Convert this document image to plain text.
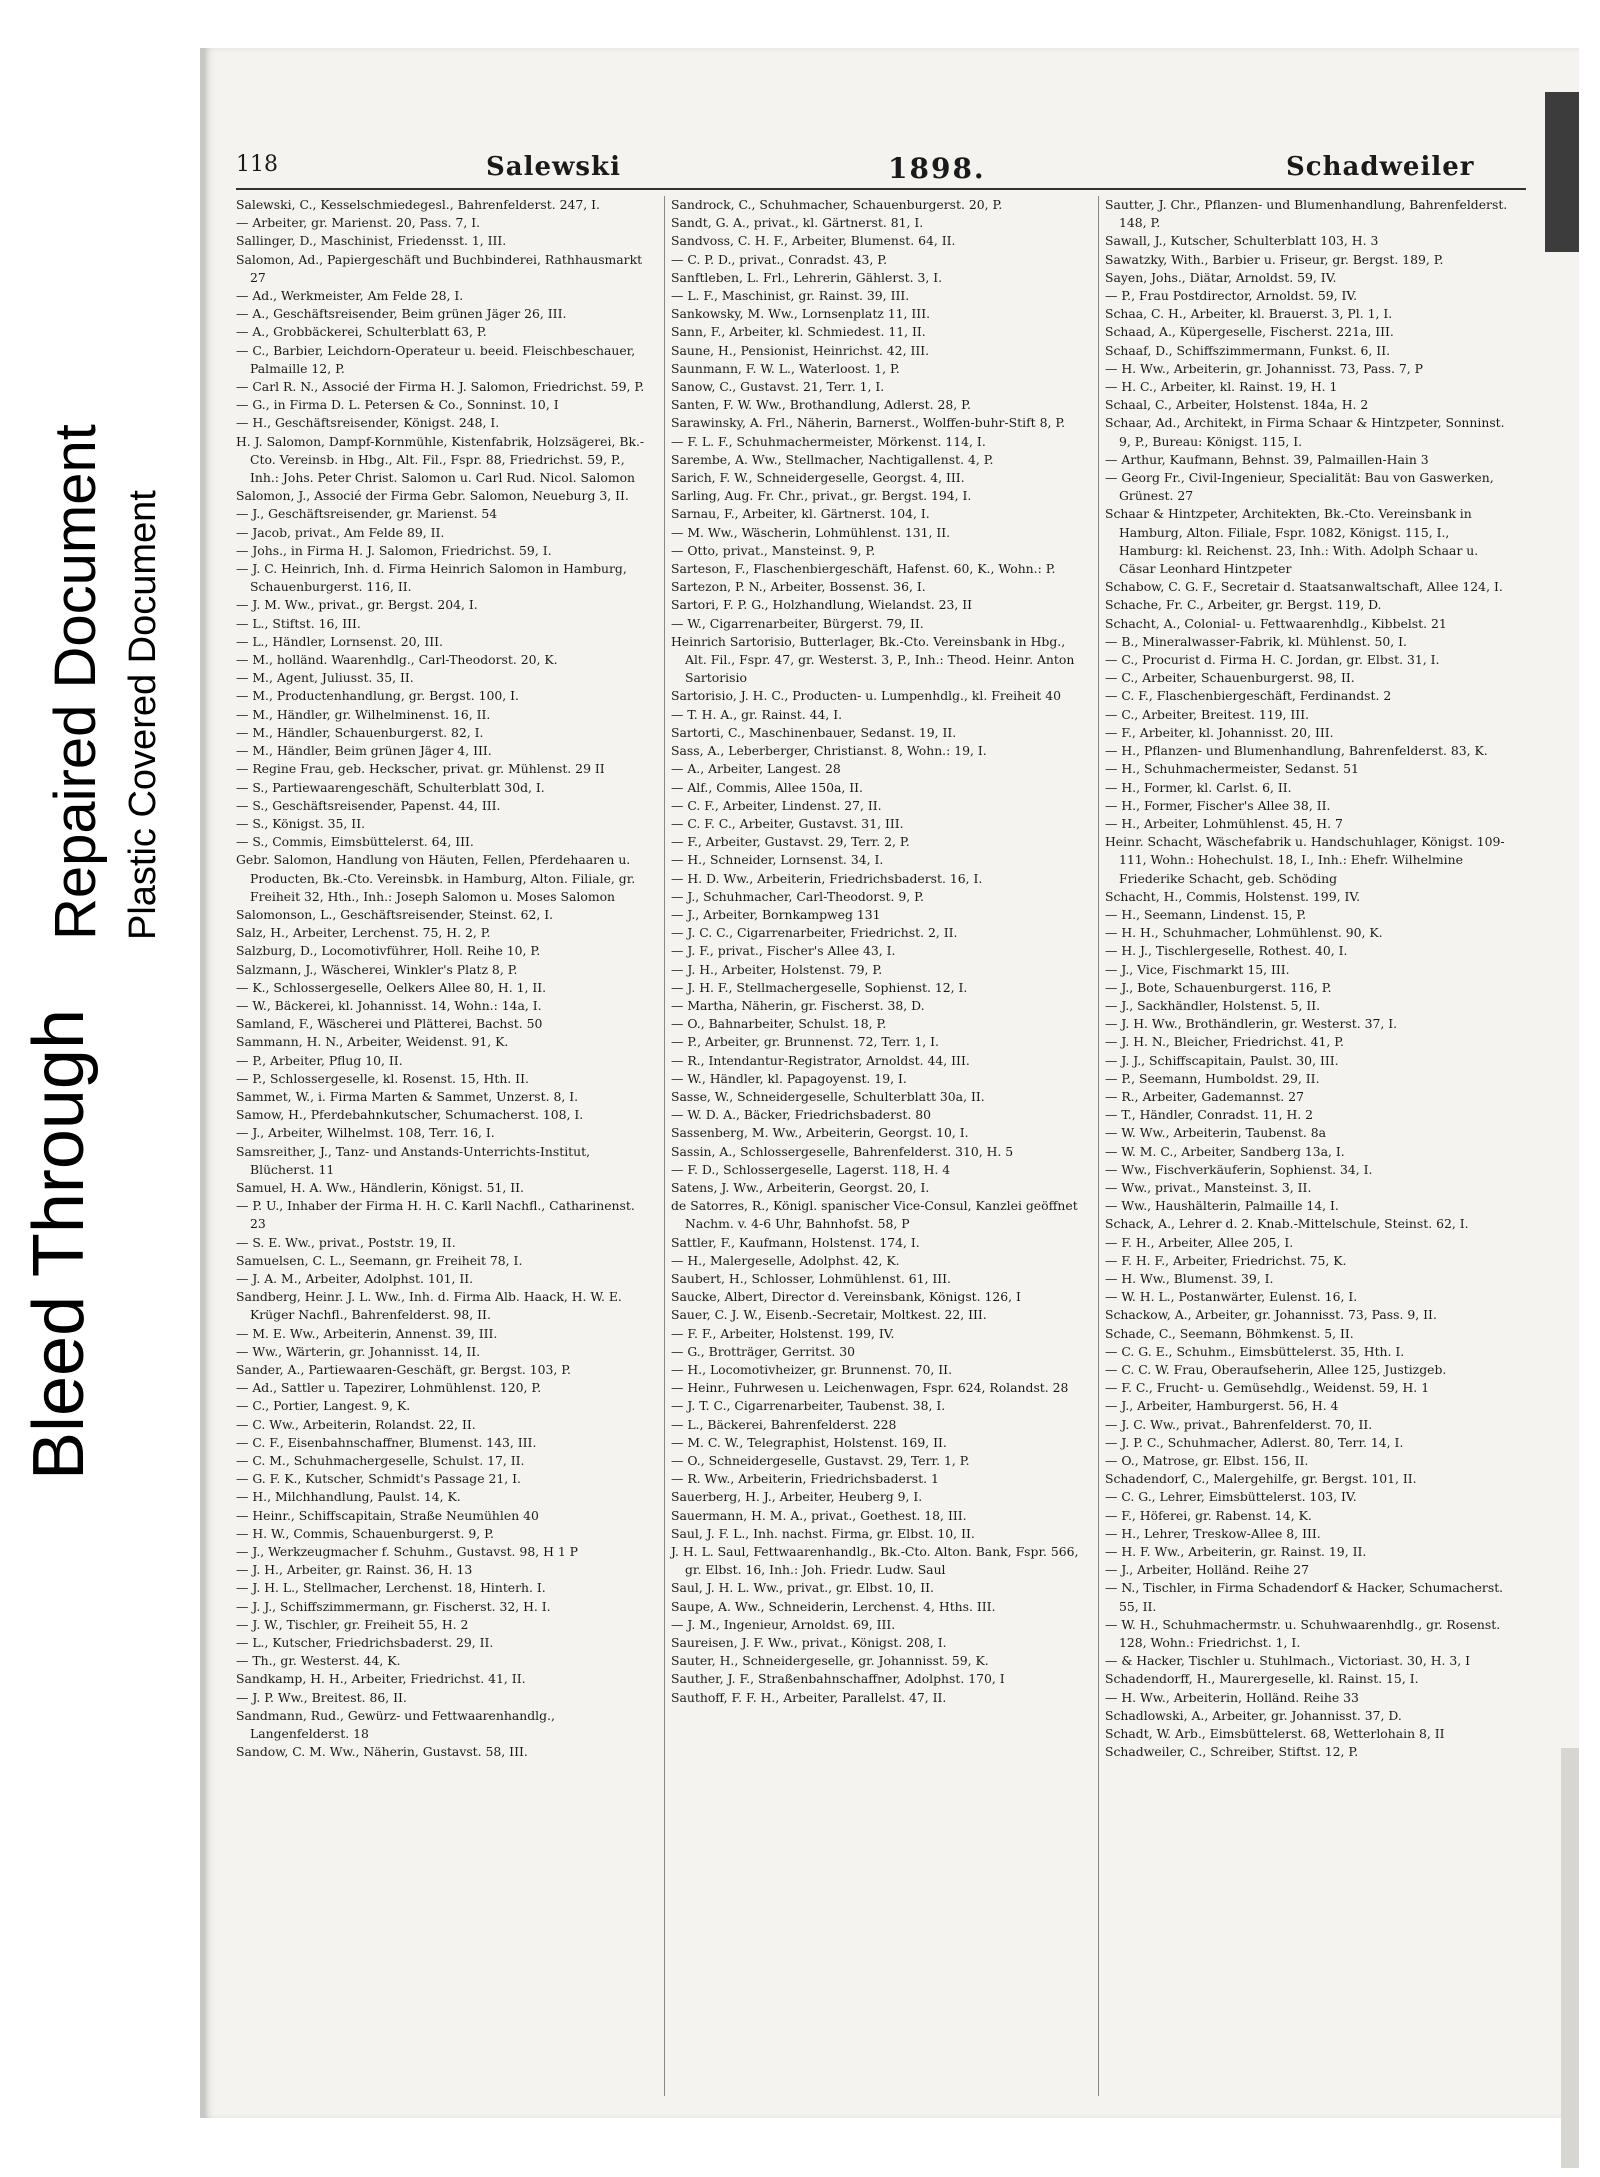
Bleed Through
Repaired Document Plastic Covered Document
118	Salewski	1898.	Schadweiler

Salewski, C., Kesselschmiedegesl., Bahrenfelderst. 247, I.

— Arbeiter, gr. Marienst. 20, Pass. 7, I.

Sallinger, D., Maschinist, Friedensst. 1, III.

Salomon, Ad., Papiergeschäft und Buchbinderei, Rathhausmarkt 27

— Ad., Werkmeister, Am Felde 28, I.

— A., Geschäftsreisender, Beim grünen Jäger 26, III.

— A., Grobbäckerei, Schulterblatt 63, P.

— C., Barbier, Leichdorn-Operateur u. beeid. Fleischbeschauer, Palmaille 12, P.

— Carl R. N., Associé der Firma H. J. Salomon, Friedrichst. 59, P.

— G., in Firma D. L. Petersen & Co., Sonninst. 10, I

— H., Geschäftsreisender, Königst. 248, I.

H. J. Salomon, Dampf-Kornmühle, Kistenfabrik, Holzsägerei, Bk.-Cto. Vereinsb. in Hbg., Alt. Fil., Fspr. 88, Friedrichst. 59, P., Inh.: Johs. Peter Christ. Salomon u. Carl Rud. Nicol. Salomon

Salomon, J., Associé der Firma Gebr. Salomon, Neueburg 3, II.

— J., Geschäftsreisender, gr. Marienst. 54

— Jacob, privat., Am Felde 89, II.

— Johs., in Firma H. J. Salomon, Friedrichst. 59, I.

— J. C. Heinrich, Inh. d. Firma Heinrich Salomon in Hamburg, Schauenburgerst. 116, II.

— J. M. Ww., privat., gr. Bergst. 204, I.

— L., Stiftst. 16, III.

— L., Händler, Lornsenst. 20, III.

— M., holländ. Waarenhdlg., Carl-Theodorst. 20, K.

— M., Agent, Juliusst. 35, II.

— M., Productenhandlung, gr. Bergst. 100, I.

— M., Händler, gr. Wilhelminenst. 16, II.

— M., Händler, Schauenburgerst. 82, I.

— M., Händler, Beim grünen Jäger 4, III.

— Regine Frau, geb. Heckscher, privat. gr. Mühlenst. 29 II

— S., Partiewaarengeschäft, Schulterblatt 30d, I.

— S., Geschäftsreisender, Papenst. 44, III.

— S., Königst. 35, II.

— S., Commis, Eimsbüttelerst. 64, III.

Gebr. Salomon, Handlung von Häuten, Fellen, Pferdehaaren u. Producten, Bk.-Cto. Vereinsbk. in Hamburg, Alton. Filiale, gr. Freiheit 32, Hth., Inh.: Joseph Salomon u. Moses Salomon

Salomonson, L., Geschäftsreisender, Steinst. 62, I.

Salz, H., Arbeiter, Lerchenst. 75, H. 2, P.

Salzburg, D., Locomotivführer, Holl. Reihe 10, P.

Salzmann, J., Wäscherei, Winkler's Platz 8, P.

— K., Schlossergeselle, Oelkers Allee 80, H. 1, II.

— W., Bäckerei, kl. Johannisst. 14, Wohn.: 14a, I.

Samland, F., Wäscherei und Plätterei, Bachst. 50

Sammann, H. N., Arbeiter, Weidenst. 91, K.

— P., Arbeiter, Pflug 10, II.

— P., Schlossergeselle, kl. Rosenst. 15, Hth. II.

Sammet, W., i. Firma Marten & Sammet, Unzerst. 8, I.

Samow, H., Pferdebahnkutscher, Schumacherst. 108, I.

— J., Arbeiter, Wilhelmst. 108, Terr. 16, I.

Samsreither, J., Tanz- und Anstands-Unterrichts-Institut, Blücherst. 11

Samuel, H. A. Ww., Händlerin, Königst. 51, II.

— P. U., Inhaber der Firma H. H. C. Karll Nachfl., Catharinenst. 23

— S. E. Ww., privat., Poststr. 19, II.

Samuelsen, C. L., Seemann, gr. Freiheit 78, I.

— J. A. M., Arbeiter, Adolphst. 101, II.

Sandberg, Heinr. J. L. Ww., Inh. d. Firma Alb. Haack, H. W. E. Krüger Nachfl., Bahrenfelderst. 98, II.

— M. E. Ww., Arbeiterin, Annenst. 39, III.

— Ww., Wärterin, gr. Johannisst. 14, II.

Sander, A., Partiewaaren-Geschäft, gr. Bergst. 103, P.

— Ad., Sattler u. Tapezirer, Lohmühlenst. 120, P.

— C., Portier, Langest. 9, K.

— C. Ww., Arbeiterin, Rolandst. 22, II.

— C. F., Eisenbahnschaffner, Blumenst. 143, III.

— C. M., Schuhmachergeselle, Schulst. 17, II.

— G. F. K., Kutscher, Schmidt's Passage 21, I.

— H., Milchhandlung, Paulst. 14, K.

— Heinr., Schiffscapitain, Straße Neumühlen 40

— H. W., Commis, Schauenburgerst. 9, P.

— J., Werkzeugmacher f. Schuhm., Gustavst. 98, H 1 P

— J. H., Arbeiter, gr. Rainst. 36, H. 13

— J. H. L., Stellmacher, Lerchenst. 18, Hinterh. I.

— J. J., Schiffszimmermann, gr. Fischerst. 32, H. I.

— J. W., Tischler, gr. Freiheit 55, H. 2

— L., Kutscher, Friedrichsbaderst. 29, II.

— Th., gr. Westerst. 44, K.

Sandkamp, H. H., Arbeiter, Friedrichst. 41, II.

— J. P. Ww., Breitest. 86, II.

Sandmann, Rud., Gewürz- und Fettwaarenhandlg., Langenfelderst. 18

Sandow, C. M. Ww., Näherin, Gustavst. 58, III.

Sandrock, C., Schuhmacher, Schauenburgerst. 20, P.

Sandt, G. A., privat., kl. Gärtnerst. 81, I.

Sandvoss, C. H. F., Arbeiter, Blumenst. 64, II.

— C. P. D., privat., Conradst. 43, P.

Sanftleben, L. Frl., Lehrerin, Gählerst. 3, I.

— L. F., Maschinist, gr. Rainst. 39, III.

Sankowsky, M. Ww., Lornsenplatz 11, III.

Sann, F., Arbeiter, kl. Schmiedest. 11, II.

Saune, H., Pensionist, Heinrichst. 42, III.

Saunmann, F. W. L., Waterloost. 1, P.

Sanow, C., Gustavst. 21, Terr. 1, I.

Santen, F. W. Ww., Brothandlung, Adlerst. 28, P.

Sarawinsky, A. Frl., Näherin, Barnerst., Wolffen-buhr-Stift 8, P.

— F. L. F., Schuhmachermeister, Mörkenst. 114, I.

Sarembe, A. Ww., Stellmacher, Nachtigallenst. 4, P.

Sarich, F. W., Schneidergeselle, Georgst. 4, III.

Sarling, Aug. Fr. Chr., privat., gr. Bergst. 194, I.

Sarnau, F., Arbeiter, kl. Gärtnerst. 104, I.

— M. Ww., Wäscherin, Lohmühlenst. 131, II.

— Otto, privat., Mansteinst. 9, P.

Sarteson, F., Flaschenbiergeschäft, Hafenst. 60, K., Wohn.: P.

Sartezon, P. N., Arbeiter, Bossenst. 36, I.

Sartori, F. P. G., Holzhandlung, Wielandst. 23, II

— W., Cigarrenarbeiter, Bürgerst. 79, II.

Heinrich Sartorisio, Butterlager, Bk.-Cto. Vereinsbank in Hbg., Alt. Fil., Fspr. 47, gr. Westerst. 3, P., Inh.: Theod. Heinr. Anton Sartorisio

Sartorisio, J. H. C., Producten- u. Lumpenhdlg., kl. Freiheit 40

— T. H. A., gr. Rainst. 44, I.

Sartorti, C., Maschinenbauer, Sedanst. 19, II.

Sass, A., Leberberger, Christianst. 8, Wohn.: 19, I.

— A., Arbeiter, Langest. 28

— Alf., Commis, Allee 150a, II.

— C. F., Arbeiter, Lindenst. 27, II.

— C. F. C., Arbeiter, Gustavst. 31, III.

— F., Arbeiter, Gustavst. 29, Terr. 2, P.

— H., Schneider, Lornsenst. 34, I.

— H. D. Ww., Arbeiterin, Friedrichsbaderst. 16, I.

— J., Schuhmacher, Carl-Theodorst. 9, P.

— J., Arbeiter, Bornkampweg 131

— J. C. C., Cigarrenarbeiter, Friedrichst. 2, II.

— J. F., privat., Fischer's Allee 43, I.

— J. H., Arbeiter, Holstenst. 79, P.

— J. H. F., Stellmachergeselle, Sophienst. 12, I.

— Martha, Näherin, gr. Fischerst. 38, D.

— O., Bahnarbeiter, Schulst. 18, P.

— P., Arbeiter, gr. Brunnenst. 72, Terr. 1, I.

— R., Intendantur-Registrator, Arnoldst. 44, III.

— W., Händler, kl. Papagoyenst. 19, I.

Sasse, W., Schneidergeselle, Schulterblatt 30a, II.

— W. D. A., Bäcker, Friedrichsbaderst. 80

Sassenberg, M. Ww., Arbeiterin, Georgst. 10, I.

Sassin, A., Schlossergeselle, Bahrenfelderst. 310, H. 5

— F. D., Schlossergeselle, Lagerst. 118, H. 4

Satens, J. Ww., Arbeiterin, Georgst. 20, I.

de Satorres, R., Königl. spanischer Vice-Consul, Kanzlei geöffnet Nachm. v. 4-6 Uhr, Bahnhofst. 58, P

Sattler, F., Kaufmann, Holstenst. 174, I.

— H., Malergeselle, Adolphst. 42, K.

Saubert, H., Schlosser, Lohmühlenst. 61, III.

Saucke, Albert, Director d. Vereinsbank, Königst. 126, I

Sauer, C. J. W., Eisenb.-Secretair, Moltkest. 22, III.

— F. F., Arbeiter, Holstenst. 199, IV.

— G., Brotträger, Gerritst. 30

— H., Locomotivheizer, gr. Brunnenst. 70, II.

— Heinr., Fuhrwesen u. Leichenwagen, Fspr. 624, Rolandst. 28

— J. T. C., Cigarrenarbeiter, Taubenst. 38, I.

— L., Bäckerei, Bahrenfelderst. 228

— M. C. W., Telegraphist, Holstenst. 169, II.

— O., Schneidergeselle, Gustavst. 29, Terr. 1, P.

— R. Ww., Arbeiterin, Friedrichsbaderst. 1

Sauerberg, H. J., Arbeiter, Heuberg 9, I.

Sauermann, H. M. A., privat., Goethest. 18, III.

Saul, J. F. L., Inh. nachst. Firma, gr. Elbst. 10, II.

J. H. L. Saul, Fettwaarenhandlg., Bk.-Cto. Alton. Bank, Fspr. 566, gr. Elbst. 16, Inh.: Joh. Friedr. Ludw. Saul

Saul, J. H. L. Ww., privat., gr. Elbst. 10, II.

Saupe, A. Ww., Schneiderin, Lerchenst. 4, Hths. III.

— J. M., Ingenieur, Arnoldst. 69, III.

Saureisen, J. F. Ww., privat., Königst. 208, I.

Sauter, H., Schneidergeselle, gr. Johannisst. 59, K.

Sauther, J. F., Straßenbahnschaffner, Adolphst. 170, I

Sauthoff, F. F. H., Arbeiter, Parallelst. 47, II.

Sautter, J. Chr., Pflanzen- und Blumenhandlung, Bahrenfelderst. 148, P.

Sawall, J., Kutscher, Schulterblatt 103, H. 3

Sawatzky, With., Barbier u. Friseur, gr. Bergst. 189, P.

Sayen, Johs., Diätar, Arnoldst. 59, IV.

— P., Frau Postdirector, Arnoldst. 59, IV.

Schaa, C. H., Arbeiter, kl. Brauerst. 3, Pl. 1, I.

Schaad, A., Küpergeselle, Fischerst. 221a, III.

Schaaf, D., Schiffszimmermann, Funkst. 6, II.

— H. Ww., Arbeiterin, gr. Johannisst. 73, Pass. 7, P

— H. C., Arbeiter, kl. Rainst. 19, H. 1

Schaal, C., Arbeiter, Holstenst. 184a, H. 2

Schaar, Ad., Architekt, in Firma Schaar & Hintzpeter, Sonninst. 9, P., Bureau: Königst. 115, I.

— Arthur, Kaufmann, Behnst. 39, Palmaillen-Hain 3

— Georg Fr., Civil-Ingenieur, Specialität: Bau von Gaswerken, Grünest. 27

Schaar & Hintzpeter, Architekten, Bk.-Cto. Vereinsbank in Hamburg, Alton. Filiale, Fspr. 1082, Königst. 115, I., Hamburg: kl. Reichenst. 23, Inh.: With. Adolph Schaar u. Cäsar Leonhard Hintzpeter

Schabow, C. G. F., Secretair d. Staatsanwaltschaft, Allee 124, I.

Schache, Fr. C., Arbeiter, gr. Bergst. 119, D.

Schacht, A., Colonial- u. Fettwaarenhdlg., Kibbelst. 21

— B., Mineralwasser-Fabrik, kl. Mühlenst. 50, I.

— C., Procurist d. Firma H. C. Jordan, gr. Elbst. 31, I.

— C., Arbeiter, Schauenburgerst. 98, II.

— C. F., Flaschenbiergeschäft, Ferdinandst. 2

— C., Arbeiter, Breitest. 119, III.

— F., Arbeiter, kl. Johannisst. 20, III.

— H., Pflanzen- und Blumenhandlung, Bahrenfelderst. 83, K.

— H., Schuhmachermeister, Sedanst. 51

— H., Former, kl. Carlst. 6, II.

— H., Former, Fischer's Allee 38, II.

— H., Arbeiter, Lohmühlenst. 45, H. 7

Heinr. Schacht, Wäschefabrik u. Handschuhlager, Königst. 109-111, Wohn.: Hohechulst. 18, I., Inh.: Ehefr. Wilhelmine Friederike Schacht, geb. Schöding

Schacht, H., Commis, Holstenst. 199, IV.

— H., Seemann, Lindenst. 15, P.

— H. H., Schuhmacher, Lohmühlenst. 90, K.

— H. J., Tischlergeselle, Rothest. 40, I.

— J., Vice, Fischmarkt 15, III.

— J., Bote, Schauenburgerst. 116, P.

— J., Sackhändler, Holstenst. 5, II.

— J. H. Ww., Brothändlerin, gr. Westerst. 37, I.

— J. H. N., Bleicher, Friedrichst. 41, P.

— J. J., Schiffscapitain, Paulst. 30, III.

— P., Seemann, Humboldst. 29, II.

— R., Arbeiter, Gademannst. 27

— T., Händler, Conradst. 11, H. 2

— W. Ww., Arbeiterin, Taubenst. 8a

— W. M. C., Arbeiter, Sandberg 13a, I.

— Ww., Fischverkäuferin, Sophienst. 34, I.

— Ww., privat., Mansteinst. 3, II.

— Ww., Haushälterin, Palmaille 14, I.

Schack, A., Lehrer d. 2. Knab.-Mittelschule, Steinst. 62, I.

— F. H., Arbeiter, Allee 205, I.

— F. H. F., Arbeiter, Friedrichst. 75, K.

— H. Ww., Blumenst. 39, I.

— W. H. L., Postanwärter, Eulenst. 16, I.

Schackow, A., Arbeiter, gr. Johannisst. 73, Pass. 9, II.

Schade, C., Seemann, Böhmkenst. 5, II.

— C. G. E., Schuhm., Eimsbüttelerst. 35, Hth. I.

— C. C. W. Frau, Oberaufseherin, Allee 125, Justizgeb.

— F. C., Frucht- u. Gemüsehdlg., Weidenst. 59, H. 1

— J., Arbeiter, Hamburgerst. 56, H. 4

— J. C. Ww., privat., Bahrenfelderst. 70, II.

— J. P. C., Schuhmacher, Adlerst. 80, Terr. 14, I.

— O., Matrose, gr. Elbst. 156, II.

Schadendorf, C., Malergehilfe, gr. Bergst. 101, II.

— C. G., Lehrer, Eimsbüttelerst. 103, IV.

— F., Höferei, gr. Rabenst. 14, K.

— H., Lehrer, Treskow-Allee 8, III.

— H. F. Ww., Arbeiterin, gr. Rainst. 19, II.

— J., Arbeiter, Holländ. Reihe 27

— N., Tischler, in Firma Schadendorf & Hacker, Schumacherst. 55, II.

— W. H., Schuhmachermstr. u. Schuhwaarenhdlg., gr. Rosenst. 128, Wohn.: Friedrichst. 1, I.

— & Hacker, Tischler u. Stuhlmach., Victoriast. 30, H. 3, I

Schadendorff, H., Maurergeselle, kl. Rainst. 15, I.

— H. Ww., Arbeiterin, Holländ. Reihe 33

Schadlowski, A., Arbeiter, gr. Johannisst. 37, D.

Schadt, W. Arb., Eimsbüttelerst. 68, Wetterlohain 8, II

Schadweiler, C., Schreiber, Stiftst. 12, P.
